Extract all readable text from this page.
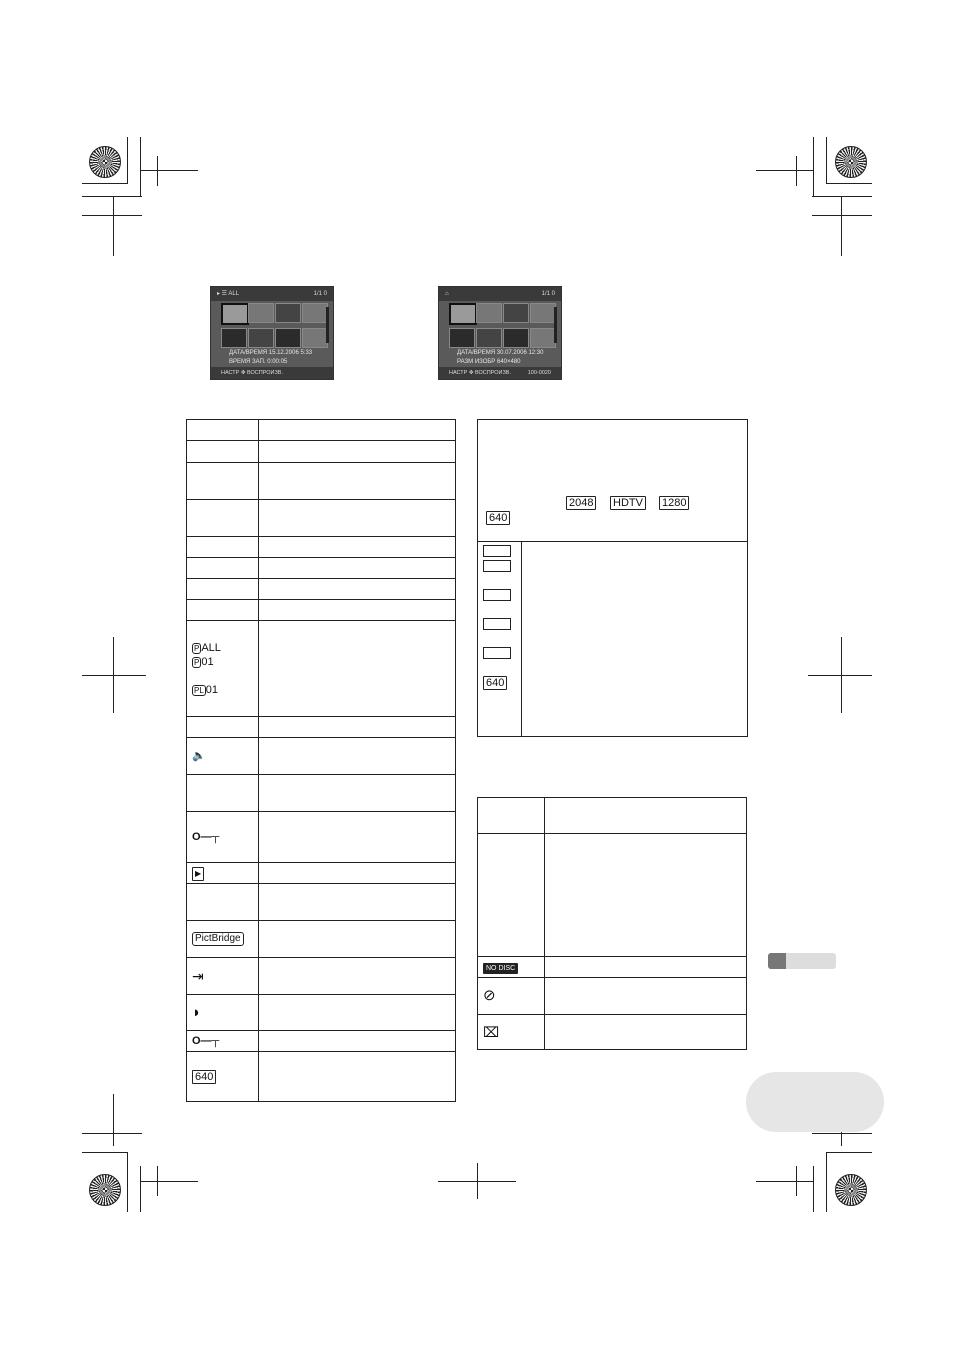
▸ ☰ ALL	1/1 0
ДАТА/ВРЕМЯ 15.12.2006 5:33
ВРЕМЯ ЗАП. 0:00:05
НАСТР ✥ ВОСПРОИЗВ.
⌂	1/1 0
ДАТА/ВРЕМЯ 30.07.2006 12:30
РАЗМ ИЗОБР 640×480
НАСТР ✥ ВОСПРОИЗВ.	100-0020

P ALL
P 01

PL 01	

🔈	

O—┬	

▶	

PictBridge	

⇥	

◗	

O—┬	

640	
2048 HDTV 1280
640
640

NO DISC	

⊘	

⌧	
